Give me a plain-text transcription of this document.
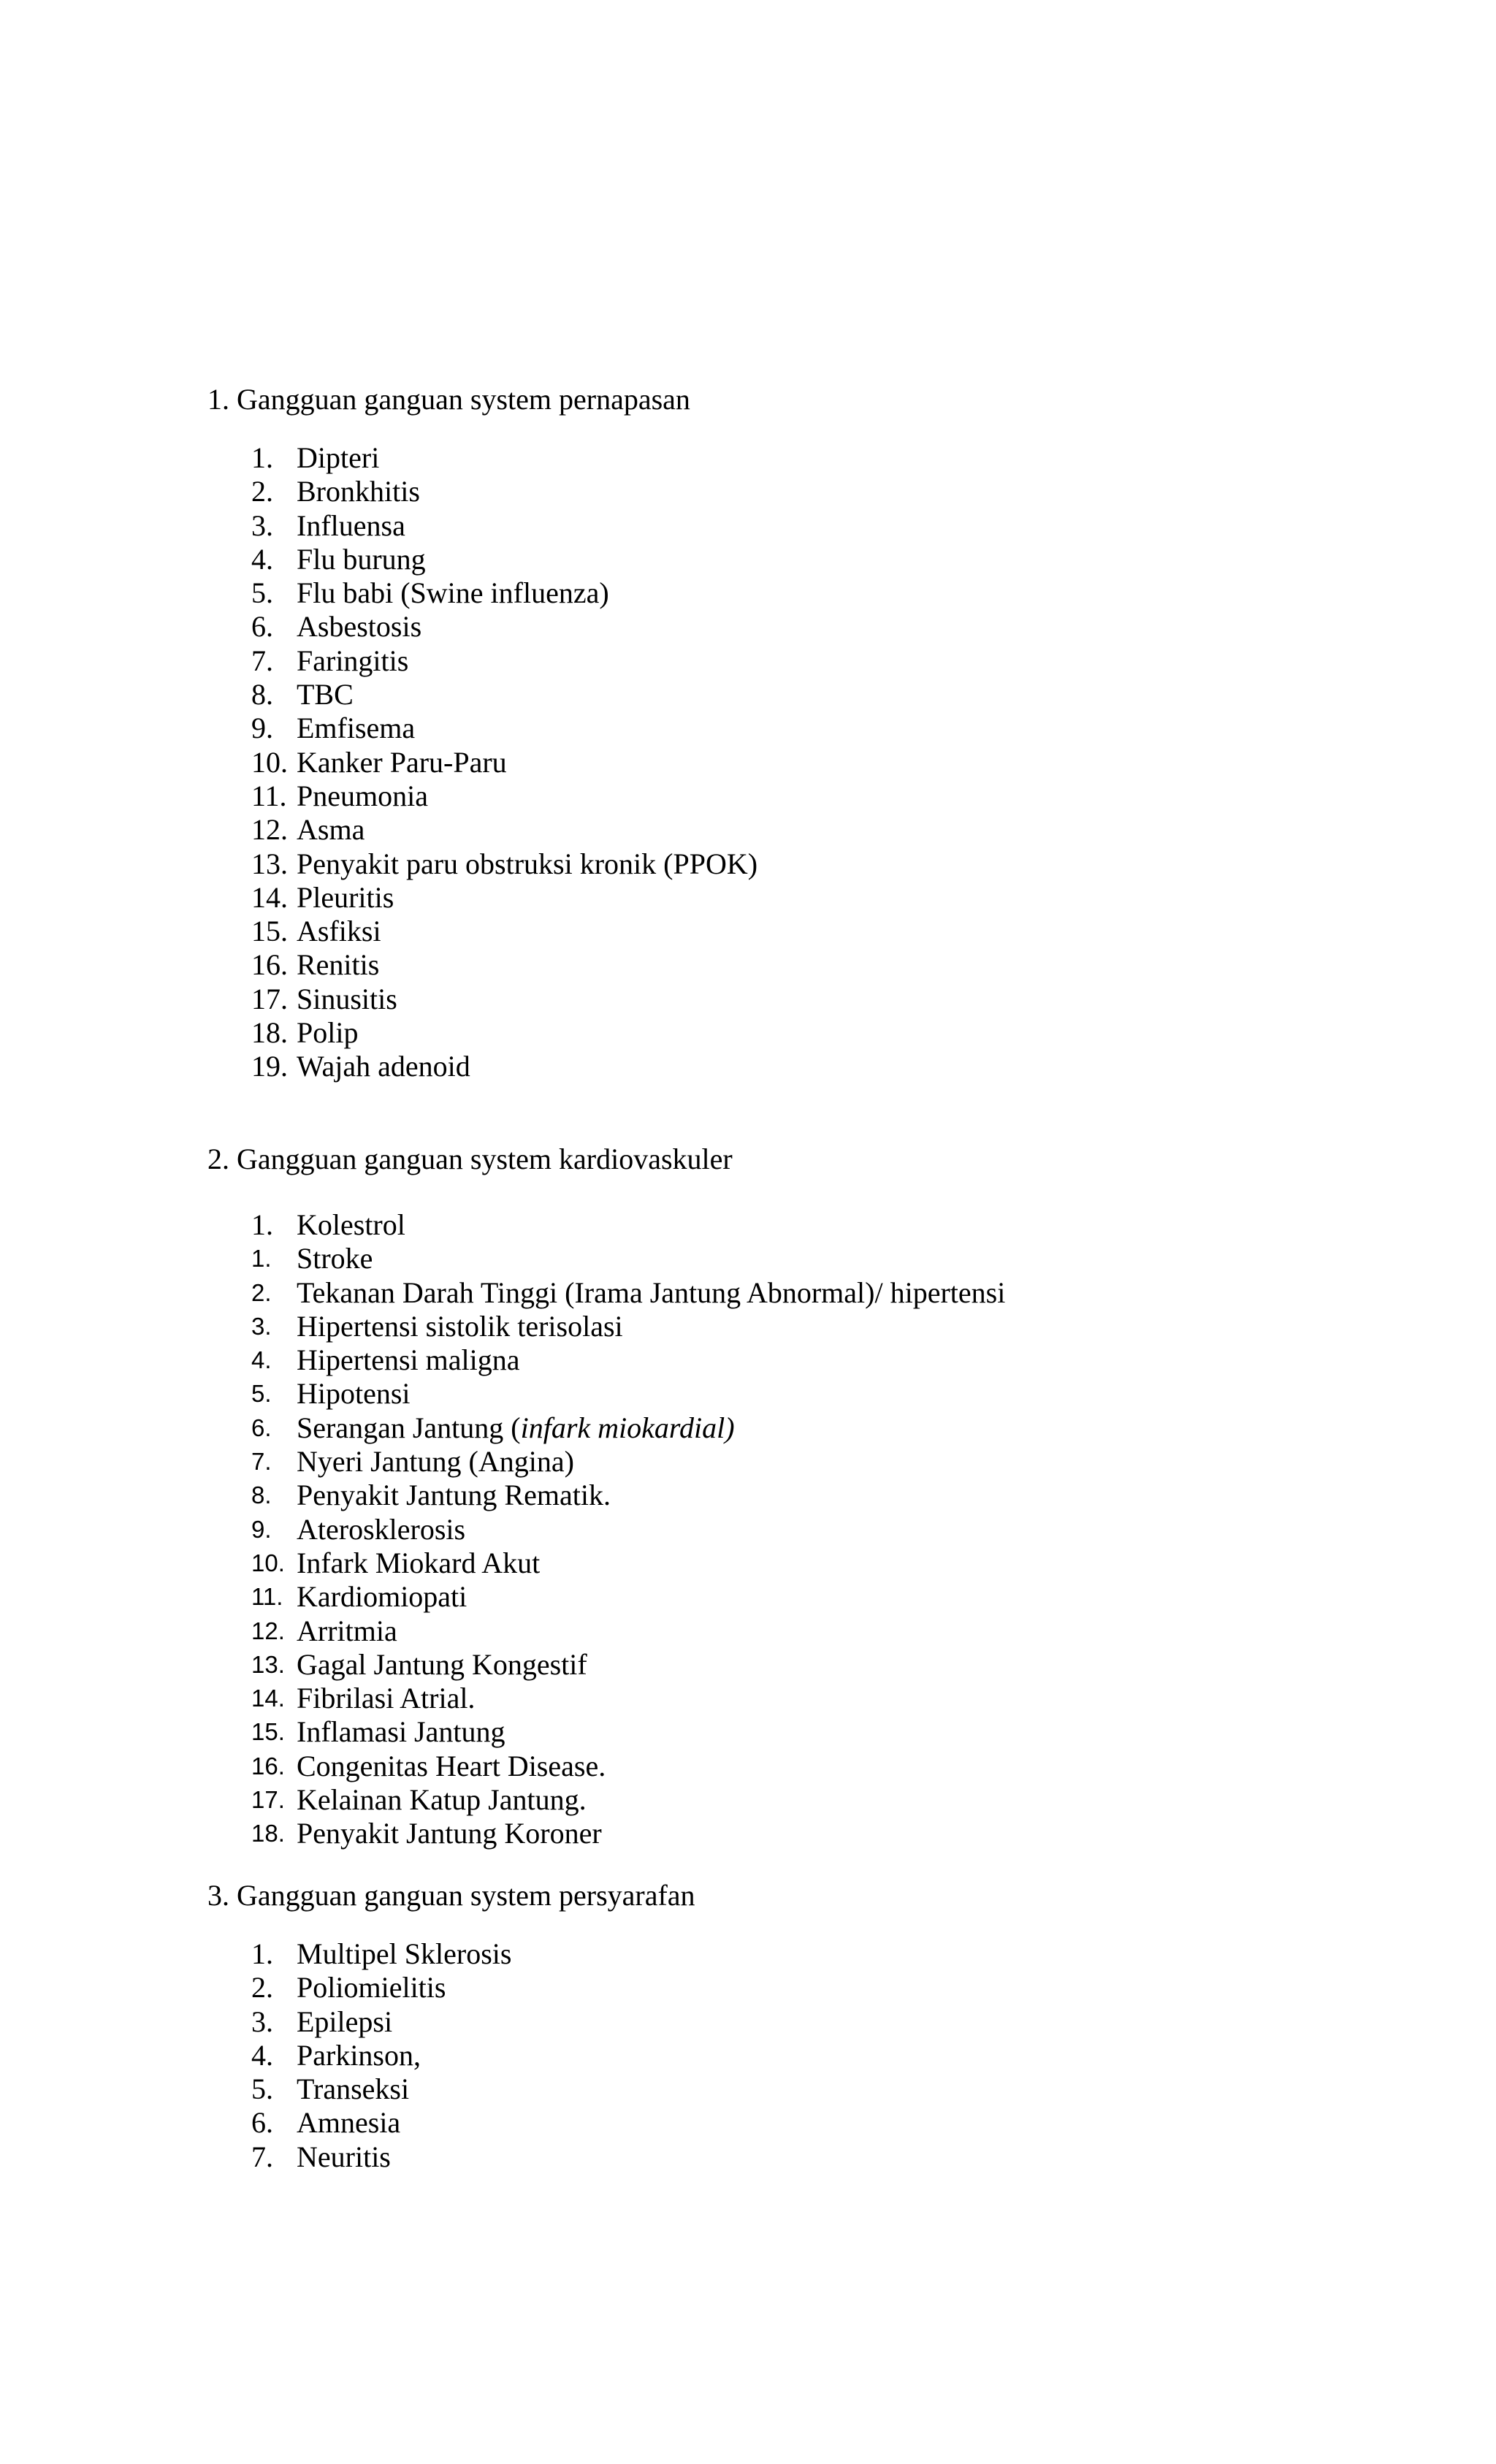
1. Gangguan ganguan system pernapasan
1. Dipteri
2. Bronkhitis
3. Influensa
4. Flu burung
5. Flu babi (Swine influenza)
6. Asbestosis
7. Faringitis
8. TBC
9. Emfisema
10. Kanker Paru-Paru
11. Pneumonia
12. Asma
13. Penyakit paru obstruksi kronik (PPOK)
14. Pleuritis
15. Asfiksi
16. Renitis
17. Sinusitis
18. Polip
19. Wajah adenoid
2. Gangguan ganguan system kardiovaskuler
1. Kolestrol
1. Stroke
2. Tekanan Darah Tinggi (Irama Jantung Abnormal)/ hipertensi
3. Hipertensi sistolik terisolasi
4. Hipertensi maligna
5. Hipotensi
6. Serangan Jantung (infark miokardial)
7. Nyeri Jantung (Angina)
8. Penyakit Jantung Rematik.
9. Aterosklerosis
10. Infark Miokard Akut
11. Kardiomiopati
12. Arritmia
13. Gagal Jantung Kongestif
14. Fibrilasi Atrial.
15. Inflamasi Jantung
16. Congenitas Heart Disease.
17. Kelainan Katup Jantung.
18. Penyakit Jantung Koroner
3. Gangguan ganguan system persyarafan
1. Multipel Sklerosis
2. Poliomielitis
3. Epilepsi
4. Parkinson,
5. Transeksi
6. Amnesia
7. Neuritis
